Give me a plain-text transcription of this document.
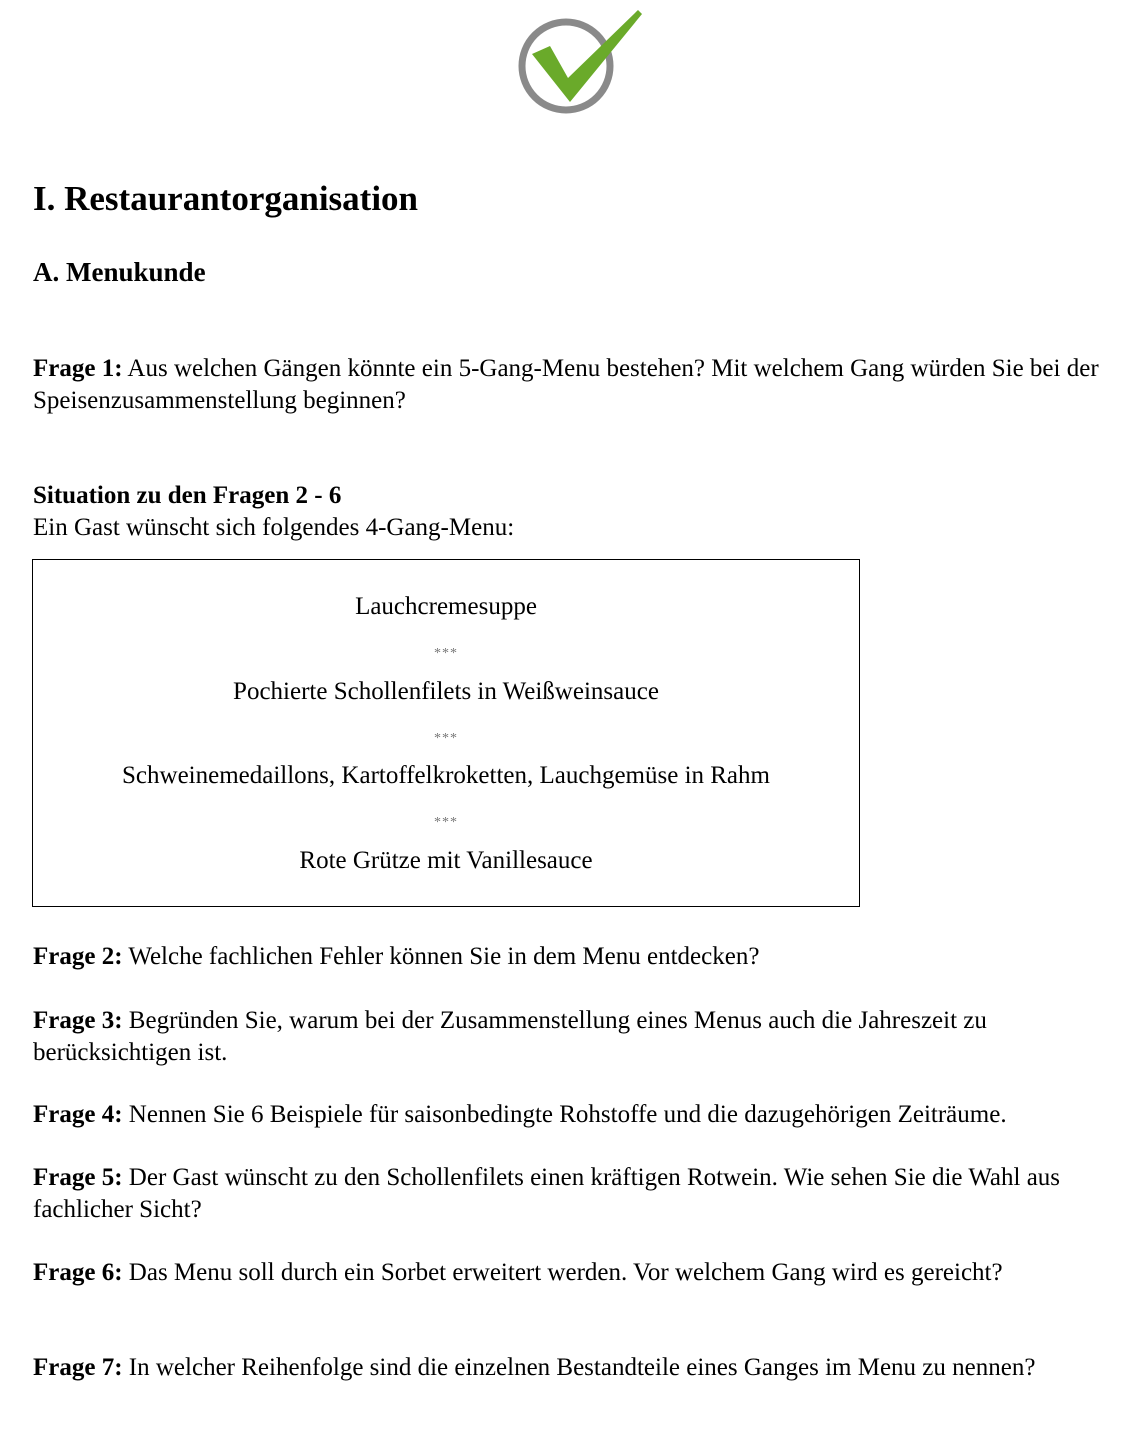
I. Restaurantorganisation
A. Menukunde

Frage 1: Aus welchen Gängen könnte ein 5-Gang-Menu bestehen? Mit welchem Gang würden Sie bei der Speisenzusammenstellung beginnen?

Situation zu den Fragen 2 - 6
Ein Gast wünscht sich folgendes 4-Gang-Menu:

Lauchcremesuppe
***
Pochierte Schollenfilets in Weißweinsauce
***
Schweinemedaillons, Kartoffelkroketten, Lauchgemüse in Rahm
***
Rote Grütze mit Vanillesauce

Frage 2: Welche fachlichen Fehler können Sie in dem Menu entdecken?

Frage 3: Begründen Sie, warum bei der Zusammenstellung eines Menus auch die Jahreszeit zu berücksichtigen ist.

Frage 4: Nennen Sie 6 Beispiele für saisonbedingte Rohstoffe und die dazugehörigen Zeiträume.

Frage 5: Der Gast wünscht zu den Schollenfilets einen kräftigen Rotwein. Wie sehen Sie die Wahl aus fachlicher Sicht?

Frage 6: Das Menu soll durch ein Sorbet erweitert werden. Vor welchem Gang wird es gereicht?

Frage 7: In welcher Reihenfolge sind die einzelnen Bestandteile eines Ganges im Menu zu nennen?
